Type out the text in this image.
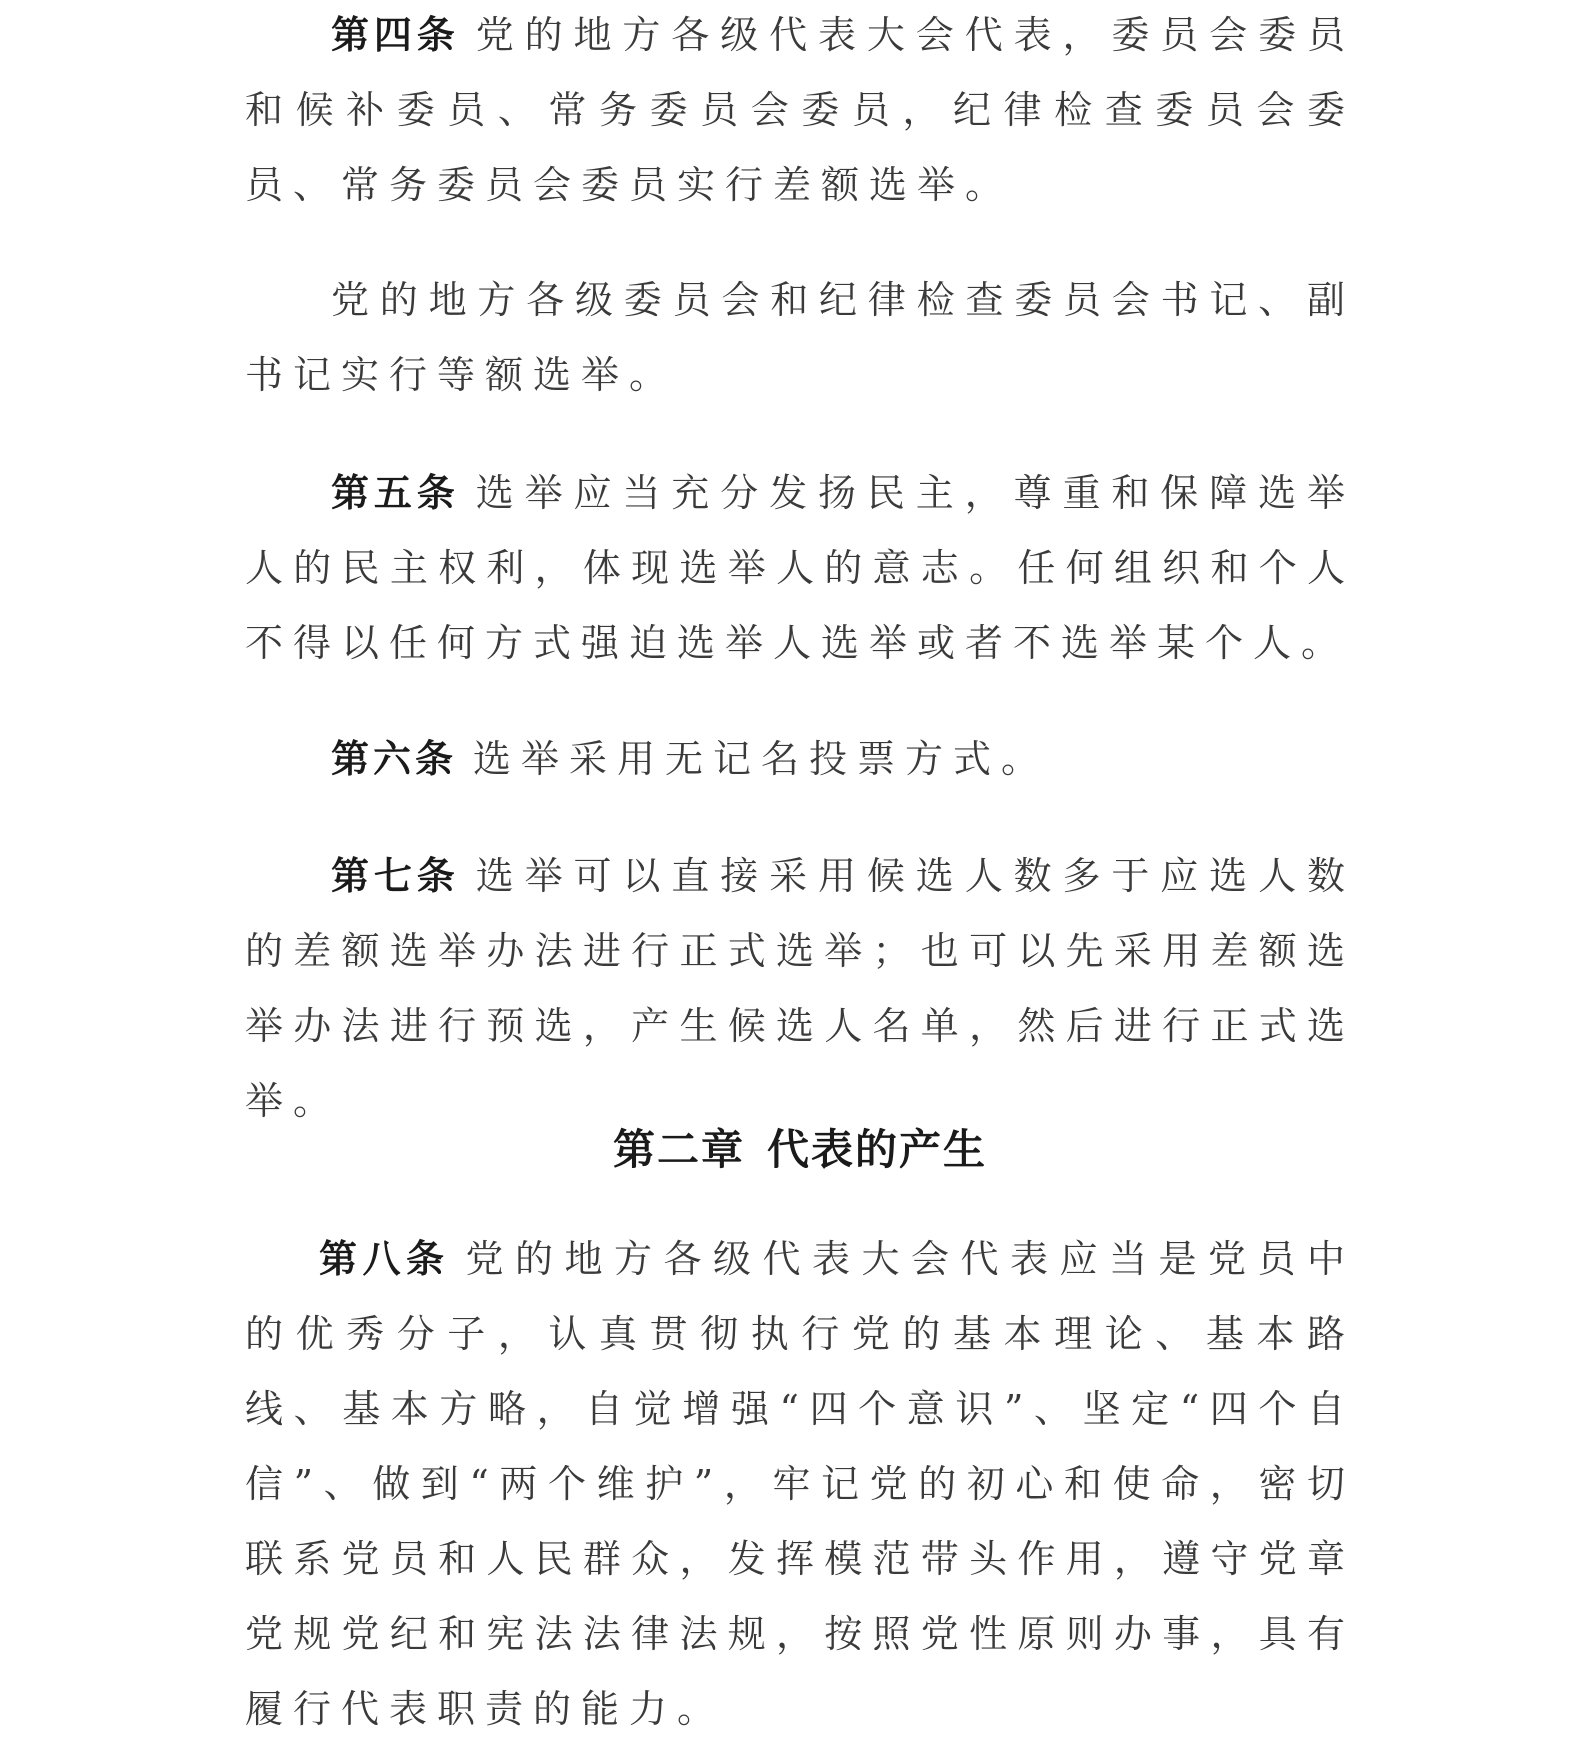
第四条 党的地方各级代表大会代表，委员会委员和候补委员、常务委员会委员，纪律检查委员会委员、常务委员会委员实行差额选举。

党的地方各级委员会和纪律检查委员会书记、副书记实行等额选举。

第五条 选举应当充分发扬民主，尊重和保障选举人的民主权利，体现选举人的意志。任何组织和个人不得以任何方式强迫选举人选举或者不选举某个人。

第六条 选举采用无记名投票方式。

第七条 选举可以直接采用候选人数多于应选人数的差额选举办法进行正式选举；也可以先采用差额选举办法进行预选，产生候选人名单，然后进行正式选举。

第二章 代表的产生

第八条 党的地方各级代表大会代表应当是党员中的优秀分子，认真贯彻执行党的基本理论、基本路线、基本方略，自觉增强“四个意识”、坚定“四个自信”、做到“两个维护”，牢记党的初心和使命，密切联系党员和人民群众，发挥模范带头作用，遵守党章党规党纪和宪法法律法规，按照党性原则办事，具有履行代表职责的能力。
